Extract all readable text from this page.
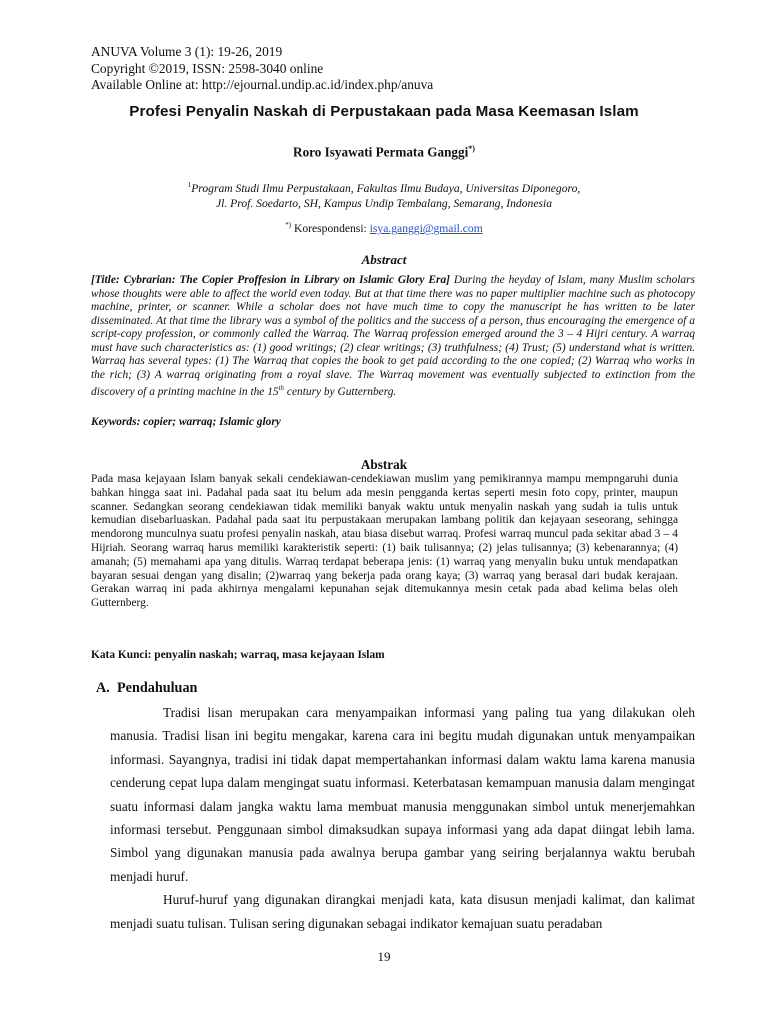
ANUVA Volume 3 (1): 19-26, 2019
Copyright ©2019, ISSN: 2598-3040 online
Available Online at: http://ejournal.undip.ac.id/index.php/anuva
Profesi Penyalin Naskah di Perpustakaan pada Masa Keemasan Islam
Roro Isyawati Permata Ganggi*)
$^1$Program Studi Ilmu Perpustakaan, Fakultas Ilmu Budaya, Universitas Diponegoro,
Jl. Prof. Soedarto, SH, Kampus Undip Tembalang, Semarang, Indonesia
*) Korespondensi: isya.ganggi@gmail.com
Abstract
[Title: Cybrarian: The Copier Proffesion in Library on Islamic Glory Era] During the heyday of Islam, many Muslim scholars whose thoughts were able to affect the world even today. But at that time there was no paper multiplier machine such as photocopy machine, printer, or scanner. While a scholar does not have much time to copy the manuscript he has written to be later disseminated. At that time the library was a symbol of the politics and the success of a person, thus encouraging the emergence of a script-copy profession, or commonly called the Warraq. The Warraq profession emerged around the 3 – 4 Hijri century. A warraq must have such characteristics as: (1) good writings; (2) clear writings; (3) truthfulness; (4) Trust; (5) understand what is written. Warraq has several types: (1) The Warraq that copies the book to get paid according to the one copied; (2) Warraq who works in the rich; (3) A warraq originating from a royal slave. The Warraq movement was eventually subjected to extinction from the discovery of a printing machine in the 15th century by Gutternberg.
Keywords: copier; warraq; Islamic glory
Abstrak
Pada masa kejayaan Islam banyak sekali cendekiawan-cendekiawan muslim yang pemikirannya mampu mempngaruhi dunia bahkan hingga saat ini. Padahal pada saat itu belum ada mesin pengganda kertas seperti mesin foto copy, printer, maupun scanner. Sedangkan seorang cendekiawan tidak memiliki banyak waktu untuk menyalin naskah yang sudah ia tulis untuk kemudian disebarluaskan. Padahal pada saat itu perpustakaan merupakan lambang politik dan kejayaan seseorang, sehingga mendorong munculnya suatu profesi penyalin naskah, atau biasa disebut warraq. Profesi warraq muncul pada sekitar abad 3 – 4 Hijriah. Seorang warraq harus memiliki karakteristik seperti: (1) baik tulisannya; (2) jelas tulisannya; (3) kebenarannya; (4) amanah; (5) memahami apa yang ditulis. Warraq terdapat beberapa jenis: (1) warraq yang menyalin buku untuk mendapatkan bayaran sesuai dengan yang disalin; (2)warraq yang bekerja pada orang kaya; (3) warraq yang berasal dari budak kerajaan. Gerakan warraq ini pada akhirnya mengalami kepunahan sejak ditemukannya mesin cetak pada abad kelima belas oleh Gutternberg.
Kata Kunci: penyalin naskah; warraq, masa kejayaan Islam
A. Pendahuluan

Tradisi lisan merupakan cara menyampaikan informasi yang paling tua yang dilakukan oleh manusia. Tradisi lisan ini begitu mengakar, karena cara ini begitu mudah digunakan untuk menyampaikan informasi. Sayangnya, tradisi ini tidak dapat mempertahankan informasi dalam waktu lama karena manusia cenderung cepat lupa dalam mengingat suatu informasi. Keterbatasan kemampuan manusia dalam mengingat suatu informasi dalam jangka waktu lama membuat manusia menggunakan simbol untuk menerjemahkan informasi tersebut. Penggunaan simbol dimaksudkan supaya informasi yang ada dapat diingat lebih lama. Simbol yang digunakan manusia pada awalnya berupa gambar yang seiring berjalannya waktu berubah menjadi huruf.

Huruf-huruf yang digunakan dirangkai menjadi kata, kata disusun menjadi kalimat, dan kalimat menjadi suatu tulisan. Tulisan sering digunakan sebagai indikator kemajuan suatu peradaban

19
